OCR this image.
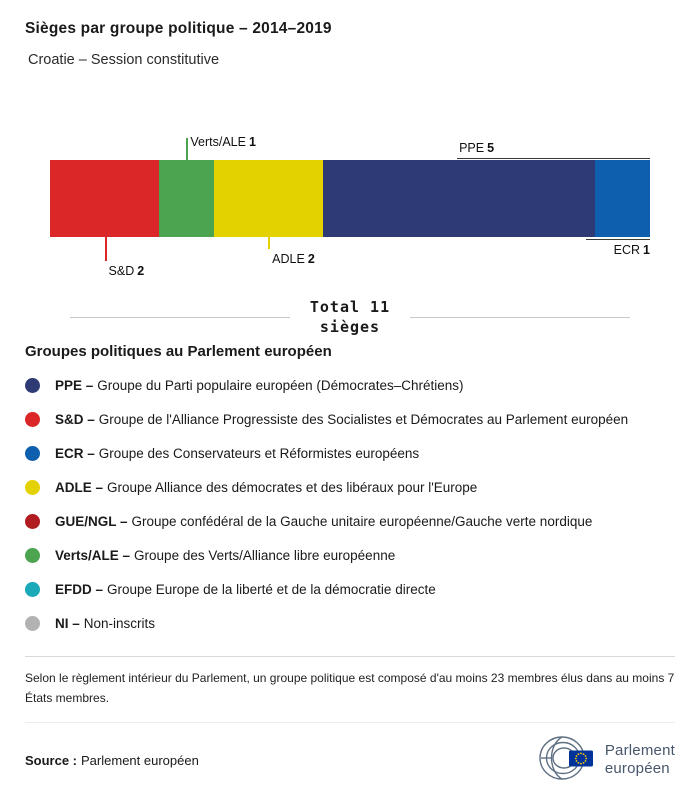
Sièges par groupe politique – 2014–2019

Croatie – Session constitutive

S&D 2
Verts/ALE 1
ADLE 2
PPE 5
ECR 1
Total 11
sièges
Groupes politiques au Parlement européen
PPE – Groupe du Parti populaire européen (Démocrates–Chrétiens)
S&D – Groupe de l'Alliance Progressiste des Socialistes et Démocrates au Parlement européen
ECR – Groupe des Conservateurs et Réformistes européens
ADLE – Groupe Alliance des démocrates et des libéraux pour l'Europe
GUE/NGL – Groupe confédéral de la Gauche unitaire européenne/Gauche verte nordique
Verts/ALE – Groupe des Verts/Alliance libre européenne
EFDD – Groupe Europe de la liberté et de la démocratie directe
NI – Non-inscrits
Selon le règlement intérieur du Parlement, un groupe politique est composé d'au moins 23 membres élus dans au moins 7 États membres.
Source : Parlement européen
Parlement
européen
